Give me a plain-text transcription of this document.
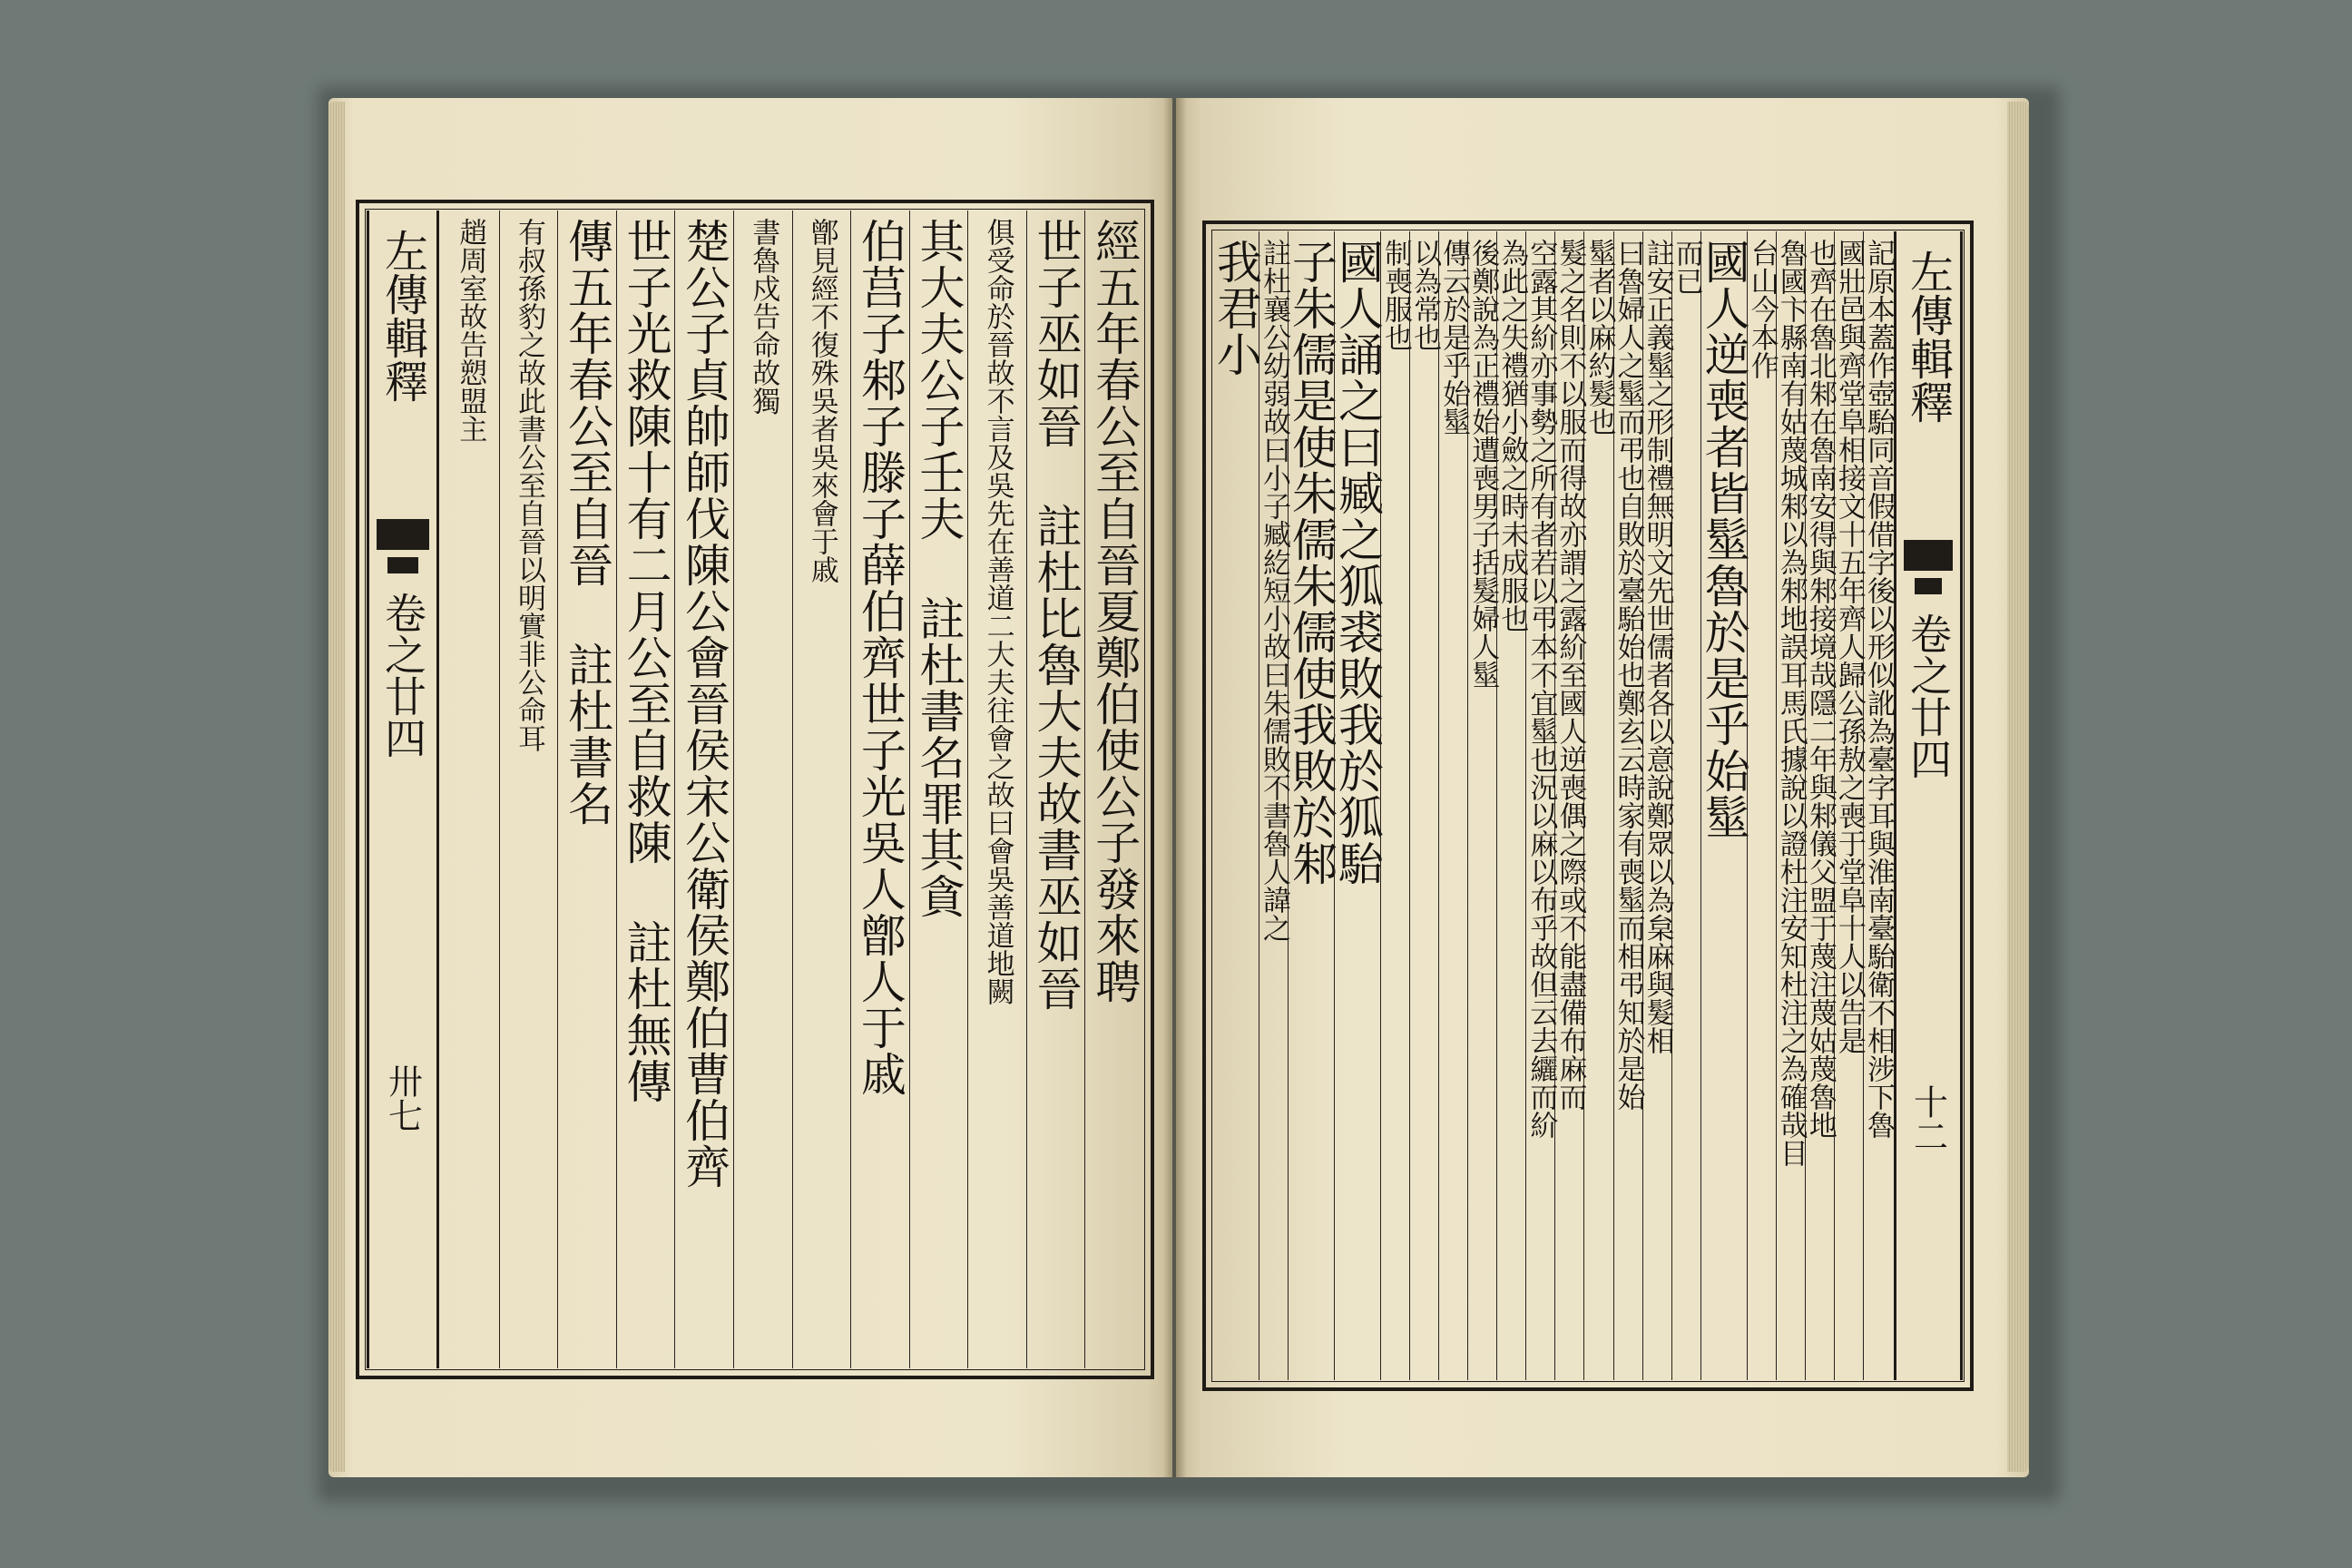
左傳輯釋
卷之廿四
卅七
經五年春公至自晉夏鄭伯使公子發來聘
世子巫如晉 註杜比魯大夫故書巫如晉
俱受命於晉故不言及吳先在善道二大夫往會之故曰會吳善道地闕
其大夫公子壬夫 註杜書名罪其貪
伯莒子邾子滕子薛伯齊世子光吳人鄫人于戚
鄫見經不復殊吳者吳來會于戚
書魯戍告命故獨
楚公子貞帥師伐陳公會晉侯宋公衛侯鄭伯曹伯齊
世子光救陳十有二月公至自救陳 註杜無傳
傳五年春公至自晉 註杜書名
有叔孫豹之故此書公至自晉以明實非公命耳
趙周室故告愬盟主	左傳輯釋
卷之廿四
十二
記原本蓋作壺駘同音假借字後以形似訛為臺字耳與淮南臺駘衛不相涉下魯
國壯邑與齊堂阜相接文十五年齊人歸公孫敖之喪于堂阜十人以告是
也齊在魯北邾在魯南安得與邾接境哉隱二年與邾儀父盟于蔑注蔑姑蔑魯地
魯國卞縣南有姑蔑城邾以為邾地誤耳馬氏據說以證杜注安知杜注之為確哉目
台山今本作
國人逆喪者皆髽魯於是乎始髽
而已
註安正義髽之形制禮無明文先世儒者各以意說鄭眾以為枲麻與髮相
曰魯婦人之髽而弔也自敗於臺駘始也鄭玄云時家有喪髽而相弔知於是始
髽者以麻約髮也
髮之名則不以服而得故亦謂之露紒至國人逆喪偶之際或不能盡備布麻而
空露其紒亦事勢之所有者若以弔本不宜髽也況以麻以布乎故但云去纚而紒
為此之失禮猶小斂之時未成服也
後鄭說為正禮始遭喪男子括髮婦人髽
傳云於是乎始髽
以為常也
制喪服也
國人誦之曰臧之狐裘敗我於狐駘
子朱儒是使朱儒朱儒使我敗於邾
註杜襄公幼弱故曰小子臧紇短小故曰朱儒敗不書魯人諱之
我君小
